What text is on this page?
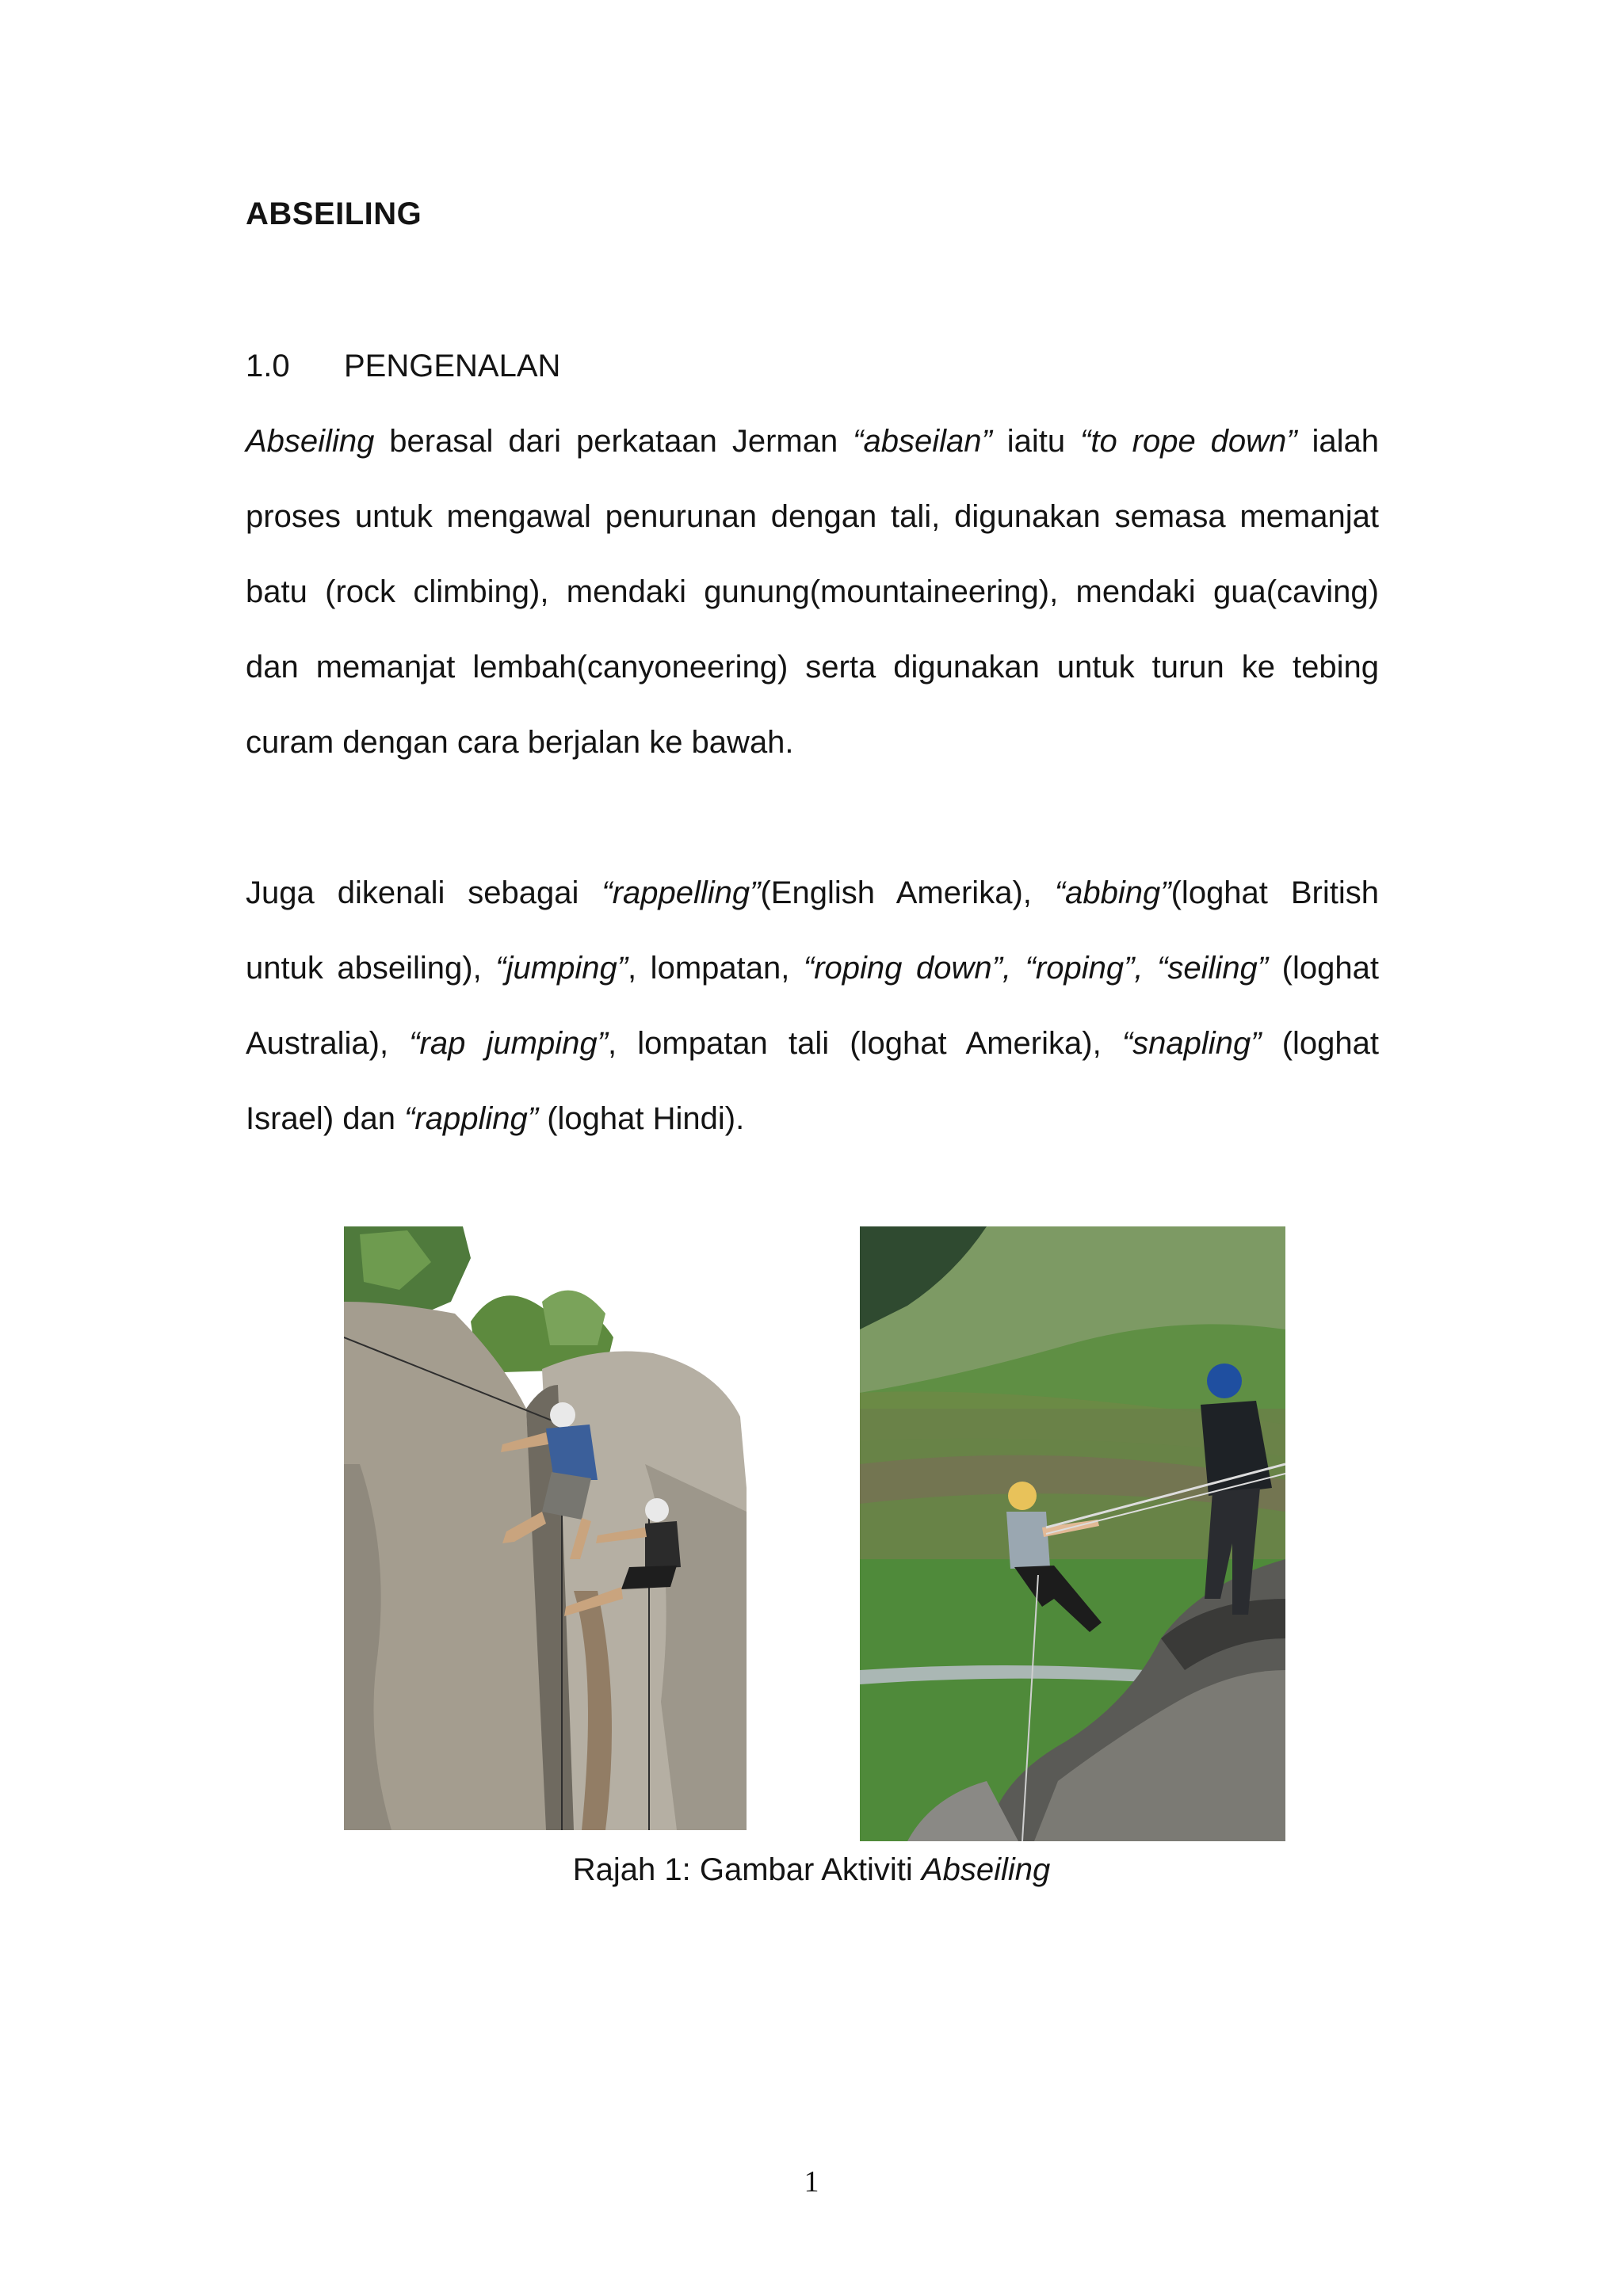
ABSEILING
1.0 PENGENALAN

Abseiling berasal dari perkataan Jerman “abseilan” iaitu “to rope down” ialah
proses untuk mengawal penurunan dengan tali, digunakan semasa memanjat
batu (rock climbing), mendaki gunung(mountaineering), mendaki gua(caving)
dan memanjat lembah(canyoneering) serta digunakan untuk turun ke tebing
curam dengan cara berjalan ke bawah.

Juga dikenali sebagai “rappelling”(English Amerika), “abbing”(loghat British
untuk abseiling), “jumping”, lompatan, “roping down”, “roping”, “seiling” (loghat
Australia), “rap jumping”, lompatan tali (loghat Amerika), “snapling” (loghat
Israel) dan “rappling” (loghat Hindi).

Rajah 1: Gambar Aktiviti Abseiling
1
